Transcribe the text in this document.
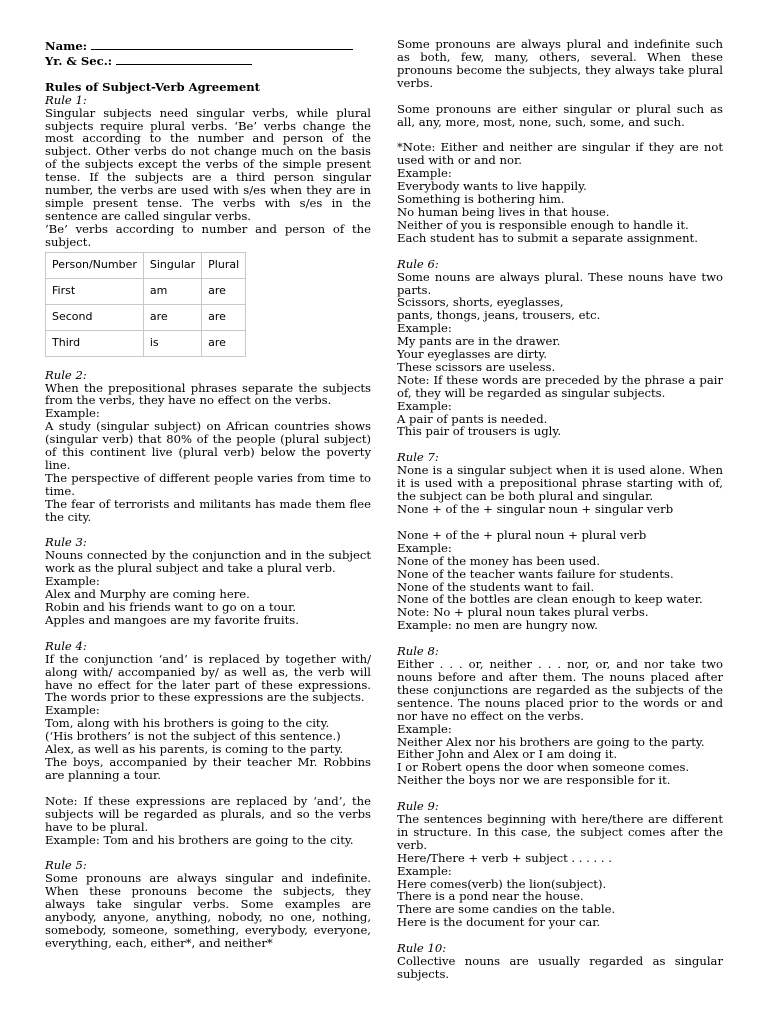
Name:

Yr. & Sec.:

Rules of Subject-Verb Agreement

Rule 1:

Singular subjects need singular verbs, while plural subjects require plural verbs. ‘Be’ verbs change the most according to the number and person of the subject. Other verbs do not change much on the basis of the subjects except the verbs of the simple present tense. If the subjects are a third person singular number, the verbs are used with s/es when they are in simple present tense. The verbs with s/es in the sentence are called singular verbs.

‘Be’ verbs according to number and person of the subject.

Person/Number	Singular	Plural
First	am	are
Second	are	are
Third	is	are

Rule 2:

When the prepositional phrases separate the subjects from the verbs, they have no effect on the verbs.

Example:

A study (singular subject) on African countries shows (singular verb) that 80% of the people (plural subject) of this continent live (plural verb) below the poverty line.

The perspective of different people varies from time to time.

The fear of terrorists and militants has made them flee the city.

Rule 3:

Nouns connected by the conjunction and in the subject work as the plural subject and take a plural verb.

Example:

Alex and Murphy are coming here.

Robin and his friends want to go on a tour.

Apples and mangoes are my favorite fruits.

Rule 4:

If the conjunction ‘and’ is replaced by together with/ along with/ accompanied by/ as well as, the verb will have no effect for the later part of these expressions. The words prior to these expressions are the subjects.

Example:

Tom, along with his brothers is going to the city.

(‘His brothers’ is not the subject of this sentence.)

Alex, as well as his parents, is coming to the party.

The boys, accompanied by their teacher Mr. Robbins are planning a tour.

Note: If these expressions are replaced by ‘and’, the subjects will be regarded as plurals, and so the verbs have to be plural.

Example: Tom and his brothers are going to the city.

Rule 5:

Some pronouns are always singular and indefinite. When these pronouns become the subjects, they always take singular verbs. Some examples are anybody, anyone, anything, nobody, no one, nothing, somebody, someone, something, everybody, everyone, everything, each, either*, and neither*

Some pronouns are always plural and indefinite such as both, few, many, others, several. When these pronouns become the subjects, they always take plural verbs.

Some pronouns are either singular or plural such as all, any, more, most, none, such, some, and such.

*Note: Either and neither are singular if they are not used with or and nor.

Example:

Everybody wants to live happily.

Something is bothering him.

No human being lives in that house.

Neither of you is responsible enough to handle it.

Each student has to submit a separate assignment.

Rule 6:

Some nouns are always plural. These nouns have two parts.

Scissors, shorts, eyeglasses,

pants, thongs, jeans, trousers, etc.

Example:

My pants are in the drawer.

Your eyeglasses are dirty.

These scissors are useless.

Note: If these words are preceded by the phrase a pair of, they will be regarded as singular subjects.

Example:

A pair of pants is needed.

This pair of trousers is ugly.

Rule 7:

None is a singular subject when it is used alone. When it is used with a prepositional phrase starting with of, the subject can be both plural and singular.

None + of the + singular noun + singular verb

None + of the + plural noun + plural verb

Example:

None of the money has been used.

None of the teacher wants failure for students.

None of the students want to fail.

None of the bottles are clean enough to keep water.

Note: No + plural noun takes plural verbs.

Example: no men are hungry now.

Rule 8:

Either . . . or, neither . . . nor, or, and nor take two nouns before and after them. The nouns placed after these conjunctions are regarded as the subjects of the sentence. The nouns placed prior to the words or and nor have no effect on the verbs.

Example:

Neither Alex nor his brothers are going to the party.

Either John and Alex or I am doing it.

I or Robert opens the door when someone comes.

Neither the boys nor we are responsible for it.

Rule 9:

The sentences beginning with here/there are different in structure. In this case, the subject comes after the verb.

Here/There + verb + subject . . . . . .

Example:

Here comes(verb) the lion(subject).

There is a pond near the house.

There are some candies on the table.

Here is the document for your car.

Rule 10:

Collective nouns are usually regarded as singular subjects.
